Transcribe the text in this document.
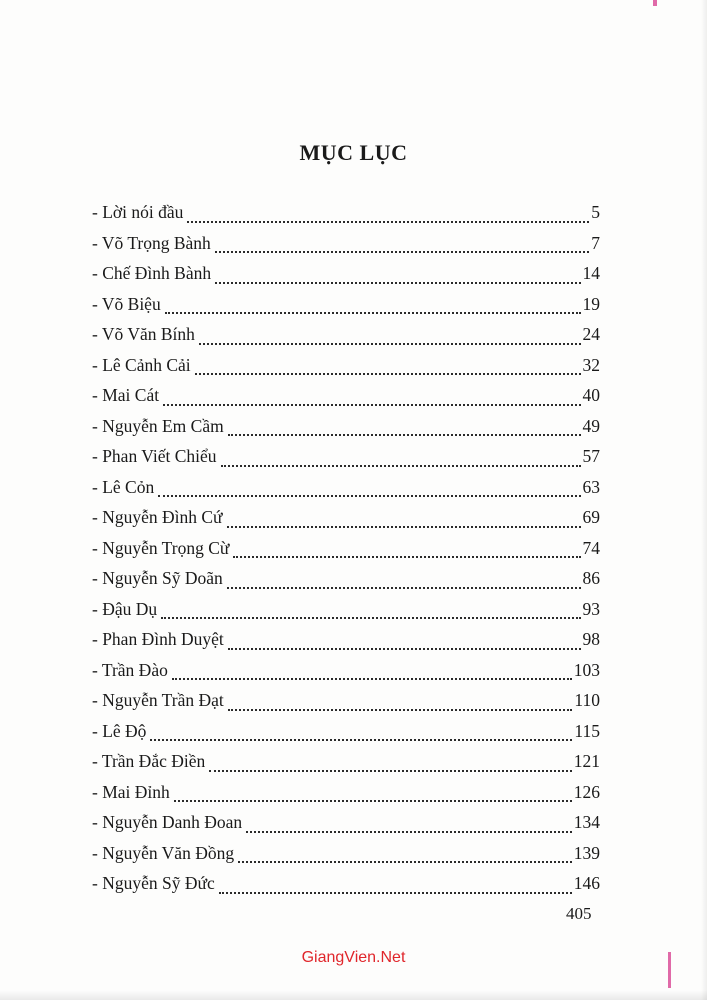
MỤC LỤC
- Lời nói đầu	5
- Võ Trọng Bành	7
- Chế Đình Bành	14
- Võ Biệu	19
- Võ Văn Bính	24
- Lê Cảnh Cải	32
- Mai Cát	40
- Nguyễn Em Cầm	49
- Phan Viết Chiểu	57
- Lê Cỏn	63
- Nguyễn Đình Cứ	69
- Nguyễn Trọng Cừ	74
- Nguyễn Sỹ Doãn	86
- Đậu Dụ	93
- Phan Đình Duyệt	98
- Trần Đào	103
- Nguyễn Trần Đạt	110
- Lê Độ	115
- Trần Đắc Điền	121
- Mai Đỉnh	126
- Nguyễn Danh Đoan	134
- Nguyễn Văn Đồng	139
- Nguyễn Sỹ Đức	146
405
GiangVien.Net
